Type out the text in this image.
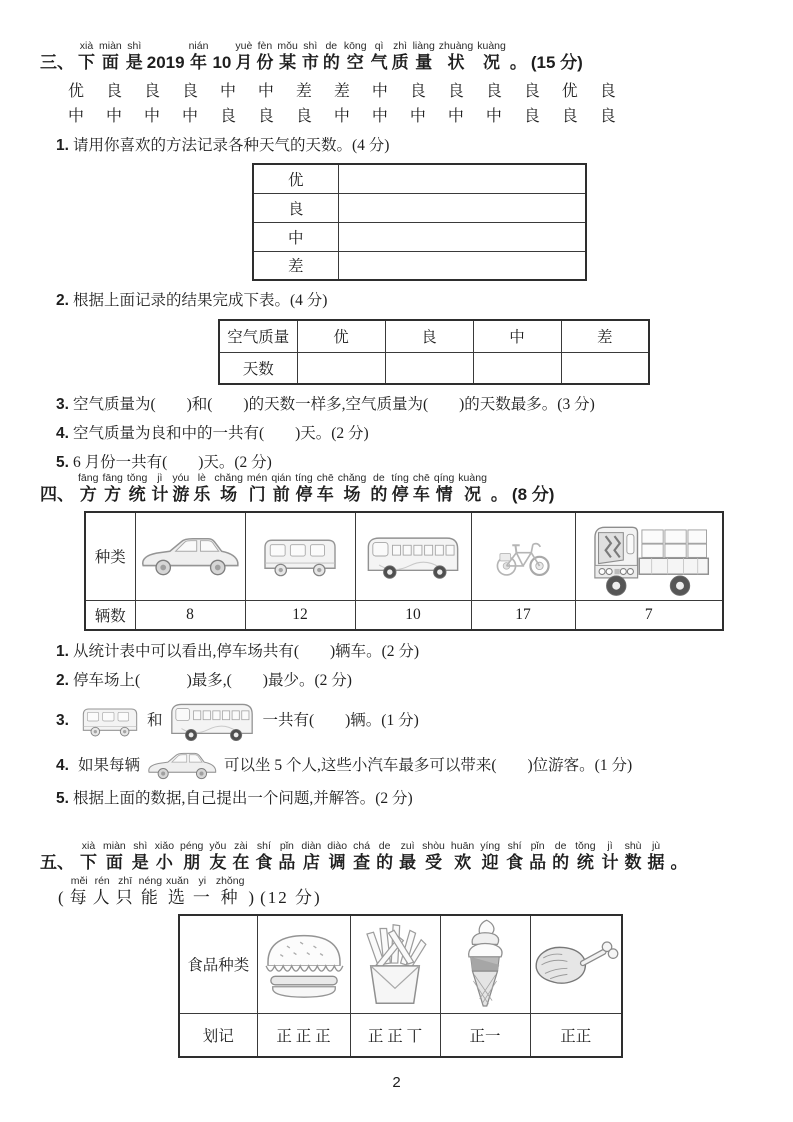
三、
xià
下
miàn
面
shì
是 2019
nián
年 10
yuè
月
fèn
份
mǒu
某
shì
市
de
的
kōng
空
qì
气
zhì
质
liàng
量
zhuàng
状
kuàng
况 。 (15 分)
优 良 良 良 中 中 差 差 中 良 良 良 良 优 良
中 中 中 中 良 良 良 中 中 中 中 中 良 良 良
1. 请用你喜欢的方法记录各种天气的天数。(4 分)
优	
良	
中	
差	
2. 根据上面记录的结果完成下表。(4 分)
空气质量	优	良	中	差
天数				
3. 空气质量为(　　)和(　　)的天数一样多,空气质量为(　　)的天数最多。(3 分)
4. 空气质量为良和中的一共有(　　)天。(2 分)
5. 6 月份一共有(　　)天。(2 分)
四、
fāng
方
fāng
方
tǒng
统
jì
计
yóu
游
lè
乐
chǎng
场
mén
门
qián
前
tíng
停
chē
车
chǎng
场
de
的
tíng
停
chē
车
qíng
情
kuàng
况 。 (8 分)
种类	

辆数	8	12	10	17	7
1. 从统计表中可以看出,停车场共有(　　)辆车。(2 分)
2. 停车场上(　　　)最多,(　　)最少。(2 分)
3.	和	一共有(　　)辆。(1 分)
4. 如果每辆	可以坐 5 个人,这些小汽车最多可以带来(　　)位游客。(1 分)
5. 根据上面的数据,自己提出一个问题,并解答。(2 分)
五、
xià
下
miàn
面
shì
是
xiǎo
小
péng
朋
yǒu
友
zài
在
shí
食
pǐn
品
diàn
店
diào
调
chá
查
de
的
zuì
最
shòu
受
huān
欢
yíng
迎
shí
食
pǐn
品
de
的
tǒng
统
jì
计
shù
数
jù
据 。
(
měi
每
rén
人
zhī
只
néng
能
xuǎn
选
yi
一
zhǒng
种 ) (12 分)
食品种类	

划记	正 正 正	正 正 丅	正一	正正
2
